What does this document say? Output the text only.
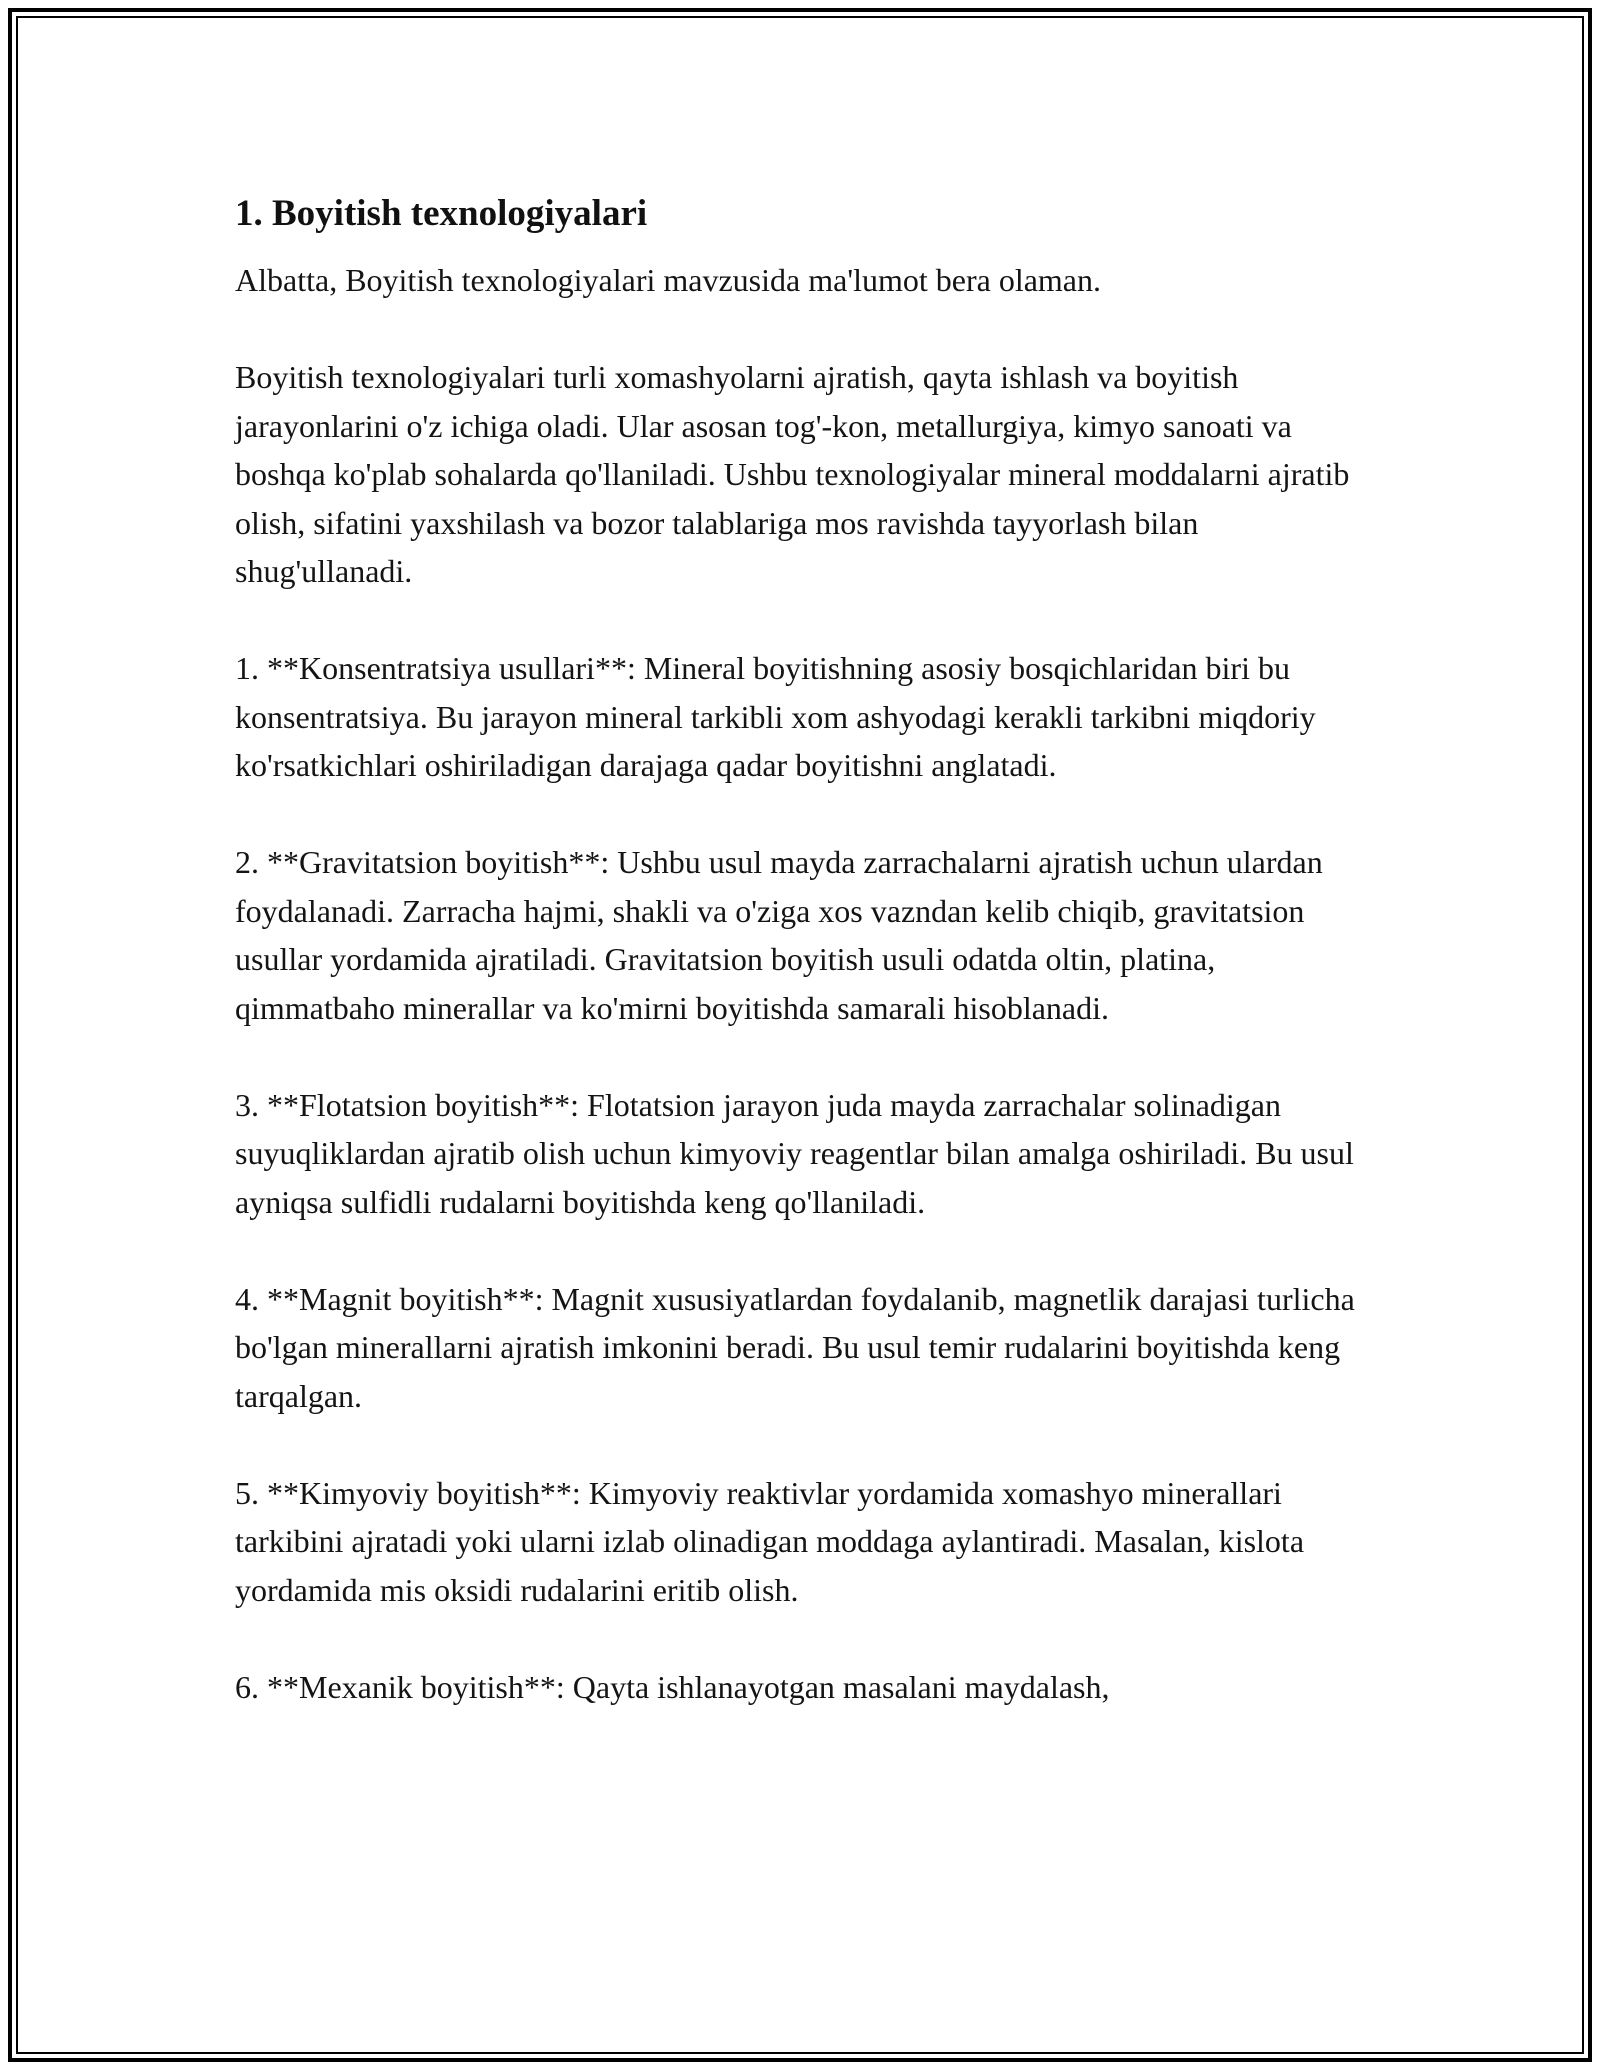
1. Boyitish texnologiyalari

Albatta, Boyitish texnologiyalari mavzusida ma'lumot bera olaman.

Boyitish texnologiyalari turli xomashyolarni ajratish, qayta ishlash va boyitish jarayonlarini o'z ichiga oladi. Ular asosan tog'-kon, metallurgiya, kimyo sanoati va boshqa ko'plab sohalarda qo'llaniladi. Ushbu texnologiyalar mineral moddalarni ajratib olish, sifatini yaxshilash va bozor talablariga mos ravishda tayyorlash bilan shug'ullanadi.

1. **Konsentratsiya usullari**: Mineral boyitishning asosiy bosqichlaridan biri bu konsentratsiya. Bu jarayon mineral tarkibli xom ashyodagi kerakli tarkibni miqdoriy ko'rsatkichlari oshiriladigan darajaga qadar boyitishni anglatadi.

2. **Gravitatsion boyitish**: Ushbu usul mayda zarrachalarni ajratish uchun ulardan foydalanadi. Zarracha hajmi, shakli va o'ziga xos vazndan kelib chiqib, gravitatsion usullar yordamida ajratiladi. Gravitatsion boyitish usuli odatda oltin, platina, qimmatbaho minerallar va ko'mirni boyitishda samarali hisoblanadi.

3. **Flotatsion boyitish**: Flotatsion jarayon juda mayda zarrachalar solinadigan suyuqliklardan ajratib olish uchun kimyoviy reagentlar bilan amalga oshiriladi. Bu usul ayniqsa sulfidli rudalarni boyitishda keng qo'llaniladi.

4. **Magnit boyitish**: Magnit xususiyatlardan foydalanib, magnetlik darajasi turlicha bo'lgan minerallarni ajratish imkonini beradi. Bu usul temir rudalarini boyitishda keng tarqalgan.

5. **Kimyoviy boyitish**: Kimyoviy reaktivlar yordamida xomashyo minerallari tarkibini ajratadi yoki ularni izlab olinadigan moddaga aylantiradi. Masalan, kislota yordamida mis oksidi rudalarini eritib olish.

6. **Mexanik boyitish**: Qayta ishlanayotgan masalani maydalash,
